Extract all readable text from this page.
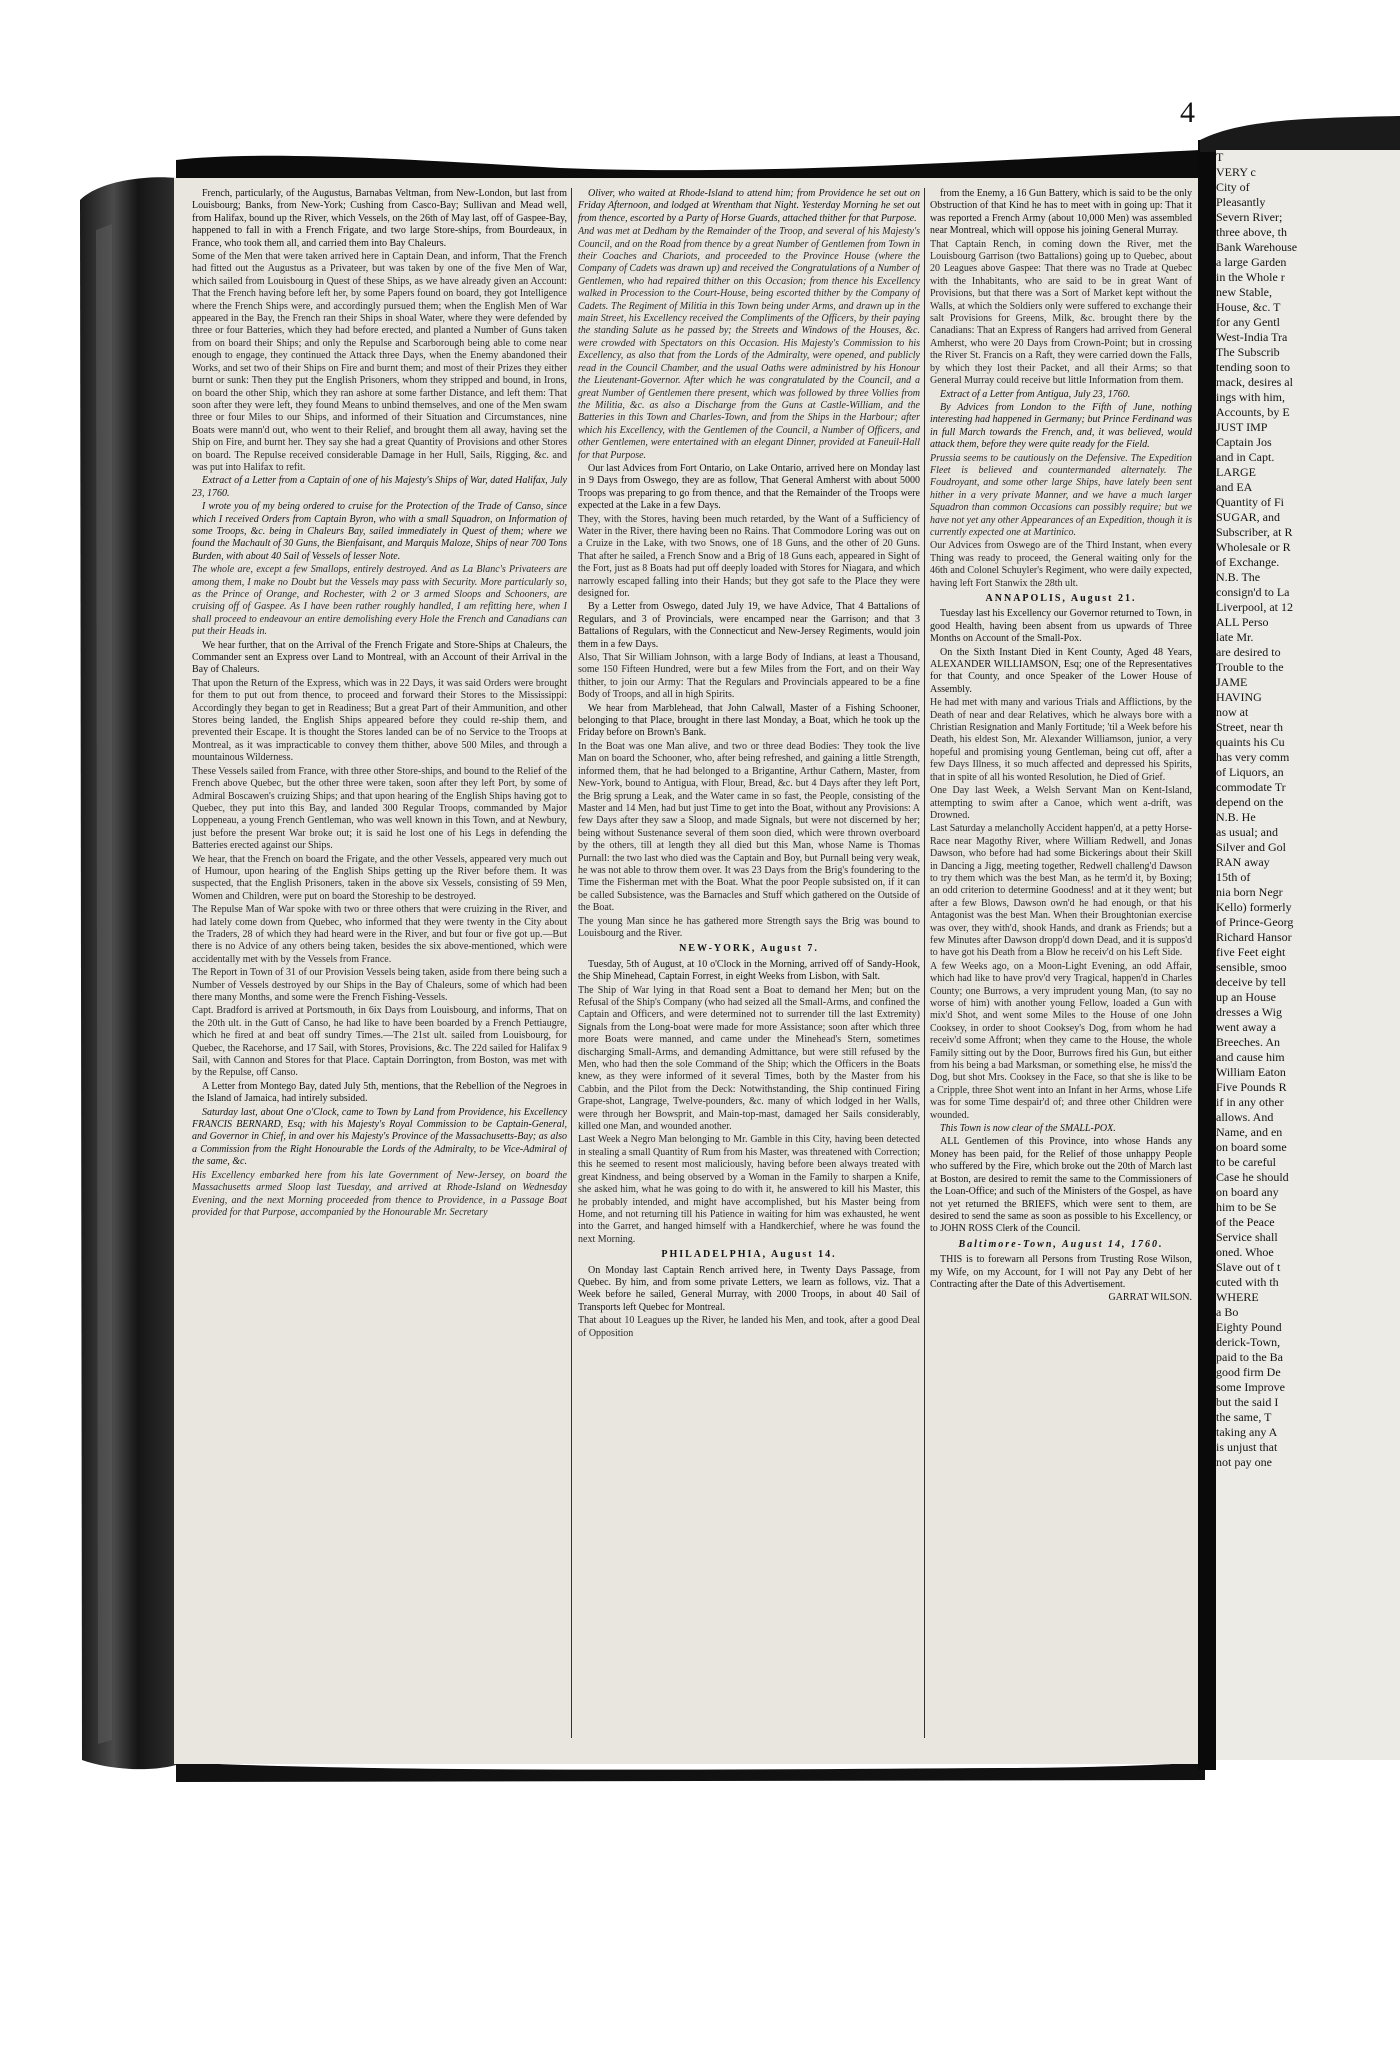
French, particularly, of the Augustus, Barnabas Veltman, from New-London, but last from Louisbourg; Banks, from New-York; Cushing from Casco-Bay; Sullivan and Mead well, from Halifax, bound up the River, which Vessels, on the 26th of May last, off of Gaspee-Bay, happened to fall in with a French Frigate, and two large Store-ships, from Bourdeaux, in France, who took them all, and carried them into Bay Chaleurs.

Some of the Men that were taken arrived here in Captain Dean, and inform, That the French had fitted out the Augustus as a Privateer, but was taken by one of the five Men of War, which sailed from Louisbourg in Quest of these Ships, as we have already given an Account: That the French having before left her, by some Papers found on board, they got Intelligence where the French Ships were, and accordingly pursued them; when the English Men of War appeared in the Bay, the French ran their Ships in shoal Water, where they were defended by three or four Batteries, which they had before erected, and planted a Number of Guns taken from on board their Ships; and only the Repulse and Scarborough being able to come near enough to engage, they continued the Attack three Days, when the Enemy abandoned their Works, and set two of their Ships on Fire and burnt them; and most of their Prizes they either burnt or sunk: Then they put the English Prisoners, whom they stripped and bound, in Irons, on board the other Ship, which they ran ashore at some farther Distance, and left them: That soon after they were left, they found Means to unbind themselves, and one of the Men swam three or four Miles to our Ships, and informed of their Situation and Circumstances, nine Boats were mann'd out, who went to their Relief, and brought them all away, having set the Ship on Fire, and burnt her. They say she had a great Quantity of Provisions and other Stores on board. The Repulse received considerable Damage in her Hull, Sails, Rigging, &c. and was put into Halifax to refit.

Extract of a Letter from a Captain of one of his Majesty's Ships of War, dated Halifax, July 23, 1760.

I wrote you of my being ordered to cruise for the Protection of the Trade of Canso, since which I received Orders from Captain Byron, who with a small Squadron, on Information of some Troops, &c. being in Chaleurs Bay, sailed immediately in Quest of them; where we found the Machault of 30 Guns, the Bienfaisant, and Marquis Maloze, Ships of near 700 Tons Burden, with about 40 Sail of Vessels of lesser Note.

The whole are, except a few Smallops, entirely destroyed. And as La Blanc's Privateers are among them, I make no Doubt but the Vessels may pass with Security. More particularly so, as the Prince of Orange, and Rochester, with 2 or 3 armed Sloops and Schooners, are cruising off of Gaspee. As I have been rather roughly handled, I am refitting here, when I shall proceed to endeavour an entire demolishing every Hole the French and Canadians can put their Heads in.

We hear further, that on the Arrival of the French Frigate and Store-Ships at Chaleurs, the Commander sent an Express over Land to Montreal, with an Account of their Arrival in the Bay of Chaleurs.

That upon the Return of the Express, which was in 22 Days, it was said Orders were brought for them to put out from thence, to proceed and forward their Stores to the Mississippi: Accordingly they began to get in Readiness; But a great Part of their Ammunition, and other Stores being landed, the English Ships appeared before they could re-ship them, and prevented their Escape. It is thought the Stores landed can be of no Service to the Troops at Montreal, as it was impracticable to convey them thither, above 500 Miles, and through a mountainous Wilderness.

These Vessels sailed from France, with three other Store-ships, and bound to the Relief of the French above Quebec, but the other three were taken, soon after they left Port, by some of Admiral Boscawen's cruizing Ships; and that upon hearing of the English Ships having got to Quebec, they put into this Bay, and landed 300 Regular Troops, commanded by Major Loppeneau, a young French Gentleman, who was well known in this Town, and at Newbury, just before the present War broke out; it is said he lost one of his Legs in defending the Batteries erected against our Ships.

We hear, that the French on board the Frigate, and the other Vessels, appeared very much out of Humour, upon hearing of the English Ships getting up the River before them. It was suspected, that the English Prisoners, taken in the above six Vessels, consisting of 59 Men, Women and Children, were put on board the Storeship to be destroyed.

The Repulse Man of War spoke with two or three others that were cruizing in the River, and had lately come down from Quebec, who informed that they were twenty in the City about the Traders, 28 of which they had heard were in the River, and but four or five got up.—But there is no Advice of any others being taken, besides the six above-mentioned, which were accidentally met with by the Vessels from France.

The Report in Town of 31 of our Provision Vessels being taken, aside from there being such a Number of Vessels destroyed by our Ships in the Bay of Chaleurs, some of which had been there many Months, and some were the French Fishing-Vessels.

Capt. Bradford is arrived at Portsmouth, in 6ix Days from Louisbourg, and informs, That on the 20th ult. in the Gutt of Canso, he had like to have been boarded by a French Pettiaugre, which he fired at and beat off sundry Times.—The 21st ult. sailed from Louisbourg, for Quebec, the Racehorse, and 17 Sail, with Stores, Provisions, &c. The 22d sailed for Halifax 9 Sail, with Cannon and Stores for that Place. Captain Dorrington, from Boston, was met with by the Repulse, off Canso.

A Letter from Montego Bay, dated July 5th, mentions, that the Rebellion of the Negroes in the Island of Jamaica, had intirely subsided.

Saturday last, about One o'Clock, came to Town by Land from Providence, his Excellency FRANCIS BERNARD, Esq; with his Majesty's Royal Commission to be Captain-General, and Governor in Chief, in and over his Majesty's Province of the Massachusetts-Bay; as also a Commission from the Right Honourable the Lords of the Admiralty, to be Vice-Admiral of the same, &c.

His Excellency embarked here from his late Government of New-Jersey, on board the Massachusetts armed Sloop last Tuesday, and arrived at Rhode-Island on Wednesday Evening, and the next Morning proceeded from thence to Providence, in a Passage Boat provided for that Purpose, accompanied by the Honourable Mr. Secretary

Oliver, who waited at Rhode-Island to attend him; from Providence he set out on Friday Afternoon, and lodged at Wrentham that Night. Yesterday Morning he set out from thence, escorted by a Party of Horse Guards, attached thither for that Purpose.

And was met at Dedham by the Remainder of the Troop, and several of his Majesty's Council, and on the Road from thence by a great Number of Gentlemen from Town in their Coaches and Chariots, and proceeded to the Province House (where the Company of Cadets was drawn up) and received the Congratulations of a Number of Gentlemen, who had repaired thither on this Occasion; from thence his Excellency walked in Procession to the Court-House, being escorted thither by the Company of Cadets. The Regiment of Militia in this Town being under Arms, and drawn up in the main Street, his Excellency received the Compliments of the Officers, by their paying the standing Salute as he passed by; the Streets and Windows of the Houses, &c. were crowded with Spectators on this Occasion. His Majesty's Commission to his Excellency, as also that from the Lords of the Admiralty, were opened, and publicly read in the Council Chamber, and the usual Oaths were administred by his Honour the Lieutenant-Governor. After which he was congratulated by the Council, and a great Number of Gentlemen there present, which was followed by three Vollies from the Militia, &c. as also a Discharge from the Guns at Castle-William, and the Batteries in this Town and Charles-Town, and from the Ships in the Harbour; after which his Excellency, with the Gentlemen of the Council, a Number of Officers, and other Gentlemen, were entertained with an elegant Dinner, provided at Faneuil-Hall for that Purpose.

Our last Advices from Fort Ontario, on Lake Ontario, arrived here on Monday last in 9 Days from Oswego, they are as follow, That General Amherst with about 5000 Troops was preparing to go from thence, and that the Remainder of the Troops were expected at the Lake in a few Days.

They, with the Stores, having been much retarded, by the Want of a Sufficiency of Water in the River, there having been no Rains. That Commodore Loring was out on a Cruize in the Lake, with two Snows, one of 18 Guns, and the other of 20 Guns. That after he sailed, a French Snow and a Brig of 18 Guns each, appeared in Sight of the Fort, just as 8 Boats had put off deeply loaded with Stores for Niagara, and which narrowly escaped falling into their Hands; but they got safe to the Place they were designed for.

By a Letter from Oswego, dated July 19, we have Advice, That 4 Battalions of Regulars, and 3 of Provincials, were encamped near the Garrison; and that 3 Battalions of Regulars, with the Connecticut and New-Jersey Regiments, would join them in a few Days.

Also, That Sir William Johnson, with a large Body of Indians, at least a Thousand, some 150 Fifteen Hundred, were but a few Miles from the Fort, and on their Way thither, to join our Army: That the Regulars and Provincials appeared to be a fine Body of Troops, and all in high Spirits.

We hear from Marblehead, that John Calwall, Master of a Fishing Schooner, belonging to that Place, brought in there last Monday, a Boat, which he took up the Friday before on Brown's Bank.

In the Boat was one Man alive, and two or three dead Bodies: They took the live Man on board the Schooner, who, after being refreshed, and gaining a little Strength, informed them, that he had belonged to a Brigantine, Arthur Cathern, Master, from New-York, bound to Antigua, with Flour, Bread, &c. but 4 Days after they left Port, the Brig sprung a Leak, and the Water came in so fast, the People, consisting of the Master and 14 Men, had but just Time to get into the Boat, without any Provisions: A few Days after they saw a Sloop, and made Signals, but were not discerned by her; being without Sustenance several of them soon died, which were thrown overboard by the others, till at length they all died but this Man, whose Name is Thomas Purnall: the two last who died was the Captain and Boy, but Purnall being very weak, he was not able to throw them over. It was 23 Days from the Brig's foundering to the Time the Fisherman met with the Boat. What the poor People subsisted on, if it can be called Subsistence, was the Barnacles and Stuff which gathered on the Outside of the Boat.

The young Man since he has gathered more Strength says the Brig was bound to Louisbourg and the River.

NEW-YORK, August 7.

Tuesday, 5th of August, at 10 o'Clock in the Morning, arrived off of Sandy-Hook, the Ship Minehead, Captain Forrest, in eight Weeks from Lisbon, with Salt.

The Ship of War lying in that Road sent a Boat to demand her Men; but on the Refusal of the Ship's Company (who had seized all the Small-Arms, and confined the Captain and Officers, and were determined not to surrender till the last Extremity) Signals from the Long-boat were made for more Assistance; soon after which three more Boats were manned, and came under the Minehead's Stern, sometimes discharging Small-Arms, and demanding Admittance, but were still refused by the Men, who had then the sole Command of the Ship; which the Officers in the Boats knew, as they were informed of it several Times, both by the Master from his Cabbin, and the Pilot from the Deck: Notwithstanding, the Ship continued Firing Grape-shot, Langrage, Twelve-pounders, &c. many of which lodged in her Walls, were through her Bowsprit, and Main-top-mast, damaged her Sails considerably, killed one Man, and wounded another.

Last Week a Negro Man belonging to Mr. Gamble in this City, having been detected in stealing a small Quantity of Rum from his Master, was threatened with Correction; this he seemed to resent most maliciously, having before been always treated with great Kindness, and being observed by a Woman in the Family to sharpen a Knife, she asked him, what he was going to do with it, he answered to kill his Master, this he probably intended, and might have accomplished, but his Master being from Home, and not returning till his Patience in waiting for him was exhausted, he went into the Garret, and hanged himself with a Handkerchief, where he was found the next Morning.

PHILADELPHIA, August 14.

On Monday last Captain Rench arrived here, in Twenty Days Passage, from Quebec. By him, and from some private Letters, we learn as follows, viz. That a Week before he sailed, General Murray, with 2000 Troops, in about 40 Sail of Transports left Quebec for Montreal.

That about 10 Leagues up the River, he landed his Men, and took, after a good Deal of Opposition

from the Enemy, a 16 Gun Battery, which is said to be the only Obstruction of that Kind he has to meet with in going up: That it was reported a French Army (about 10,000 Men) was assembled near Montreal, which will oppose his joining General Murray.

That Captain Rench, in coming down the River, met the Louisbourg Garrison (two Battalions) going up to Quebec, about 20 Leagues above Gaspee: That there was no Trade at Quebec with the Inhabitants, who are said to be in great Want of Provisions, but that there was a Sort of Market kept without the Walls, at which the Soldiers only were suffered to exchange their salt Provisions for Greens, Milk, &c. brought there by the Canadians: That an Express of Rangers had arrived from General Amherst, who were 20 Days from Crown-Point; but in crossing the River St. Francis on a Raft, they were carried down the Falls, by which they lost their Packet, and all their Arms; so that General Murray could receive but little Information from them.

Extract of a Letter from Antigua, July 23, 1760.

By Advices from London to the Fifth of June, nothing interesting had happened in Germany; but Prince Ferdinand was in full March towards the French, and, it was believed, would attack them, before they were quite ready for the Field.

Prussia seems to be cautiously on the Defensive. The Expedition Fleet is believed and countermanded alternately. The Foudroyant, and some other large Ships, have lately been sent hither in a very private Manner, and we have a much larger Squadron than common Occasions can possibly require; but we have not yet any other Appearances of an Expedition, though it is currently expected one at Martinico.

Our Advices from Oswego are of the Third Instant, when every Thing was ready to proceed, the General waiting only for the 46th and Colonel Schuyler's Regiment, who were daily expected, having left Fort Stanwix the 28th ult.

ANNAPOLIS, August 21.

Tuesday last his Excellency our Governor returned to Town, in good Health, having been absent from us upwards of Three Months on Account of the Small-Pox.

On the Sixth Instant Died in Kent County, Aged 48 Years, ALEXANDER WILLIAMSON, Esq; one of the Representatives for that County, and once Speaker of the Lower House of Assembly.

He had met with many and various Trials and Afflictions, by the Death of near and dear Relatives, which he always bore with a Christian Resignation and Manly Fortitude; 'til a Week before his Death, his eldest Son, Mr. Alexander Williamson, junior, a very hopeful and promising young Gentleman, being cut off, after a few Days Illness, it so much affected and depressed his Spirits, that in spite of all his wonted Resolution, he Died of Grief.

One Day last Week, a Welsh Servant Man on Kent-Island, attempting to swim after a Canoe, which went a-drift, was Drowned.

Last Saturday a melancholly Accident happen'd, at a petty Horse-Race near Magothy River, where William Redwell, and Jonas Dawson, who before had had some Bickerings about their Skill in Dancing a Jigg, meeting together, Redwell challeng'd Dawson to try them which was the best Man, as he term'd it, by Boxing; an odd criterion to determine Goodness! and at it they went; but after a few Blows, Dawson own'd he had enough, or that his Antagonist was the best Man. When their Broughtonian exercise was over, they with'd, shook Hands, and drank as Friends; but a few Minutes after Dawson dropp'd down Dead, and it is suppos'd to have got his Death from a Blow he receiv'd on his Left Side.

A few Weeks ago, on a Moon-Light Evening, an odd Affair, which had like to have prov'd very Tragical, happen'd in Charles County; one Burrows, a very imprudent young Man, (to say no worse of him) with another young Fellow, loaded a Gun with mix'd Shot, and went some Miles to the House of one John Cooksey, in order to shoot Cooksey's Dog, from whom he had receiv'd some Affront; when they came to the House, the whole Family sitting out by the Door, Burrows fired his Gun, but either from his being a bad Marksman, or something else, he miss'd the Dog, but shot Mrs. Cooksey in the Face, so that she is like to be a Cripple, three Shot went into an Infant in her Arms, whose Life was for some Time despair'd of; and three other Children were wounded.

This Town is now clear of the SMALL-POX.

ALL Gentlemen of this Province, into whose Hands any Money has been paid, for the Relief of those unhappy People who suffered by the Fire, which broke out the 20th of March last at Boston, are desired to remit the same to the Commissioners of the Loan-Office; and such of the Ministers of the Gospel, as have not yet returned the BRIEFS, which were sent to them, are desired to send the same as soon as possible to his Excellency, or to JOHN ROSS Clerk of the Council.

Baltimore-Town, August 14, 1760.

THIS is to forewarn all Persons from Trusting Rose Wilson, my Wife, on my Account, for I will not Pay any Debt of her Contracting after the Date of this Advertisement.

GARRAT WILSON.

4

T

VERY c

City of

Pleasantly

Severn River;

three above, th

Bank Warehouse

a large Garden

in the Whole r

new Stable,

House, &c. T

for any Gentl

West-India Tra

The Subscrib

tending soon to

mack, desires al

ings with him,

Accounts, by E

JUST IMP

Captain Jos

and in Capt.

LARGE

and EA

Quantity of Fi

SUGAR, and

Subscriber, at R

Wholesale or R

of Exchange.

N.B. The

consign'd to La

Liverpool, at 12

ALL Perso

late Mr.

are desired to

Trouble to the

JAME

HAVING

now at

Street, near th

quaints his Cu

has very comm

of Liquors, an

commodate Tr

depend on the

N.B. He

as usual; and

Silver and Gol

RAN away

15th of

nia born Negr

Kello) formerly

of Prince-Georg

Richard Hansor

five Feet eight

sensible, smoo

deceive by tell

up an House

dresses a Wig

went away a

Breeches. An

and cause him

William Eaton

Five Pounds R

if in any other

allows. And

Name, and en

on board some

to be careful

Case he should

on board any

him to be Se

of the Peace

Service shall

oned. Whoe

Slave out of t

cuted with th

WHERE

a Bo

Eighty Pound

derick-Town,

paid to the Ba

good firm De

some Improve

but the said I

the same, T

taking any A

is unjust that

not pay one
